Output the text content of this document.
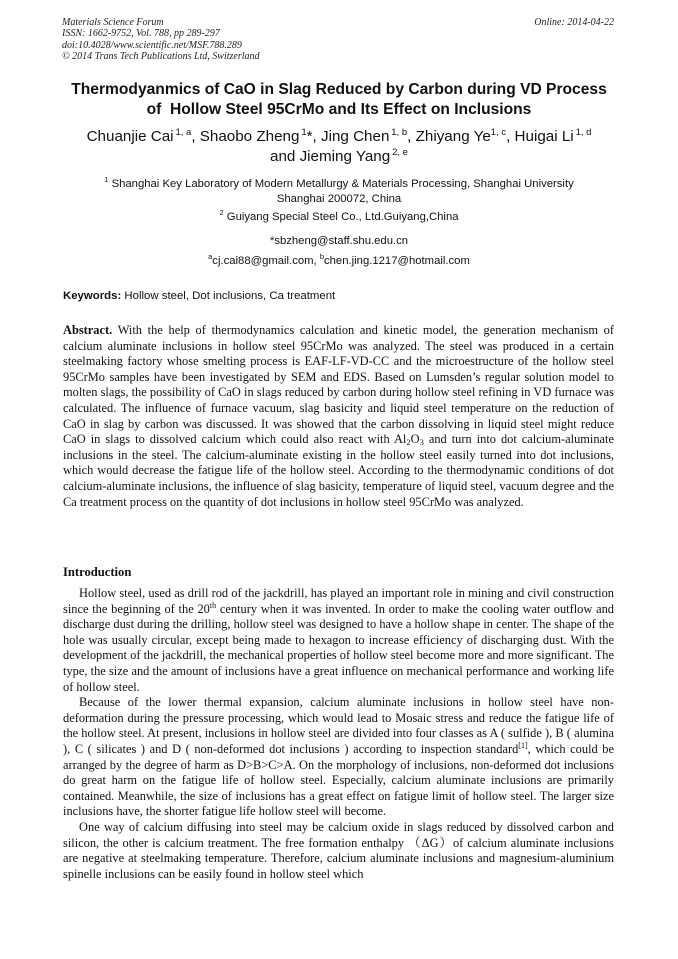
Materials Science Forum
ISSN: 1662-9752, Vol. 788, pp 289-297
doi:10.4028/www.scientific.net/MSF.788.289
© 2014 Trans Tech Publications Ltd, Switzerland
Online: 2014-04-22
Thermodyanmics of CaO in Slag Reduced by Carbon during VD Process
of  Hollow Steel 95CrMo and Its Effect on Inclusions
Chuanjie Cai  $^{1, a}$, Shaobo Zheng  $^1$*, Jing Chen  $^{1, b}$, Zhiyang Ye$^{1, c}$, Huigai Li  $^{1, d}$
and Jieming Yang  $^{2, e}$
$^1$ Shanghai Key Laboratory of Modern Metallurgy & Materials Processing, Shanghai University
Shanghai 200072, China
$^2$ Guiyang Special Steel Co., Ltd.Guiyang,China
*sbzheng@staff.shu.edu.cn
$^a$cj.cai88@gmail.com, $^b$chen.jing.1217@hotmail.com
Keywords: Hollow steel, Dot inclusions, Ca treatment

Abstract. With the help of thermodynamics calculation and kinetic model, the generation mechanism of calcium aluminate inclusions in hollow steel 95CrMo was analyzed. The steel was produced in a certain steelmaking factory whose smelting process is EAF-LF-VD-CC and the microestructure of the hollow steel 95CrMo samples have been investigated by SEM and EDS. Based on Lumsden’s regular solution model to molten slags, the possibility of CaO in slags reduced by carbon during hollow steel refining in VD furnace was calculated. The influence of furnace vacuum, slag basicity and liquid steel temperature on the reduction of CaO in slag by carbon was discussed. It was showed that the carbon dissolving in liquid steel might reduce CaO in slags to dissolved calcium which could also react with $Al_2O_3$ and turn into dot calcium-aluminate inclusions in the steel. The calcium-aluminate existing in the hollow steel easily turned into dot inclusions, which would decrease the fatigue life of the hollow steel. According to the thermodynamic conditions of dot calcium-aluminate inclusions, the influence of slag basicity, temperature of liquid steel, vacuum degree and the Ca treatment process on the quantity of dot inclusions in hollow steel 95CrMo was analyzed.

Introduction

Hollow steel, used as drill rod of the jackdrill, has played an important role in mining and civil construction since the beginning of the 20th century when it was invented. In order to make the cooling water outflow and discharge dust during the drilling, hollow steel was designed to have a hollow shape in center. The shape of the hole was usually circular, except being made to hexagon to increase efficiency of discharging dust. With the development of the jackdrill, the mechanical properties of hollow steel become more and more significant. The type, the size and the amount of inclusions have a great influence on mechanical performance and working life of hollow steel.

Because of the lower thermal expansion, calcium aluminate inclusions in hollow steel have non-deformation during the pressure processing, which would lead to Mosaic stress and reduce the fatigue life of the hollow steel. At present, inclusions in hollow steel are divided into four classes as A ( sulfide ), B ( alumina ), C ( silicates ) and D ( non-deformed dot inclusions ) according to inspection standard[1], which could be arranged by the degree of harm as D>B>C>A. On the morphology of inclusions, non-deformed dot inclusions do great harm on the fatigue life of hollow steel. Especially, calcium aluminate inclusions are primarily contained. Meanwhile, the size of inclusions has a great effect on fatigue limit of hollow steel. The larger size inclusions have, the shorter fatigue life hollow steel will become.

One way of calcium diffusing into steel may be calcium oxide in slags reduced by dissolved carbon and silicon, the other is calcium treatment. The free formation enthalpy （ΔG）of calcium aluminate inclusions are negative at steelmaking temperature. Therefore, calcium aluminate inclusions and magnesium-aluminium spinelle inclusions can be easily found in hollow steel which
